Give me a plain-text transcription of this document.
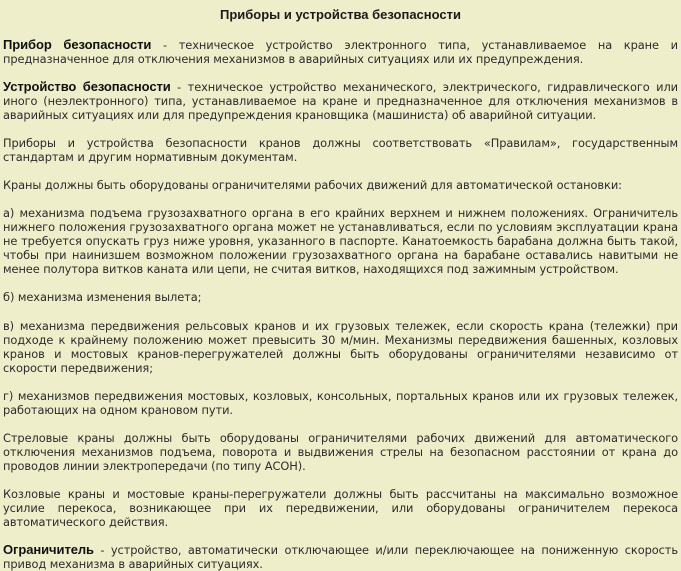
Приборы и устройства безопасности

Прибор безопасности - техническое устройство электронного типа, устанавливаемое на кране и предназначенное для отключения механизмов в аварийных ситуациях или их предупреждения.

Устройство безопасности - техническое устройство механического, электрического, гидравлического или иного (неэлектронного) типа, устанавливаемое на кране и предназначенное для отключения механизмов в аварийных ситуациях или для предупреждения крановщика (машиниста) об аварийной ситуации.

Приборы и устройства безопасности кранов должны соответствовать «Правилам», государственным стандартам и другим нормативным документам.

Краны должны быть оборудованы ограничителями рабочих движений для автоматической остановки:

а) механизма подъема грузозахватного органа в его крайних верхнем и нижнем положениях. Ограничитель нижнего положения грузозахватного органа может не устанавливаться, если по условиям эксплуатации крана не требуется опускать груз ниже уровня, указанного в паспорте. Канатоемкость барабана должна быть такой, чтобы при наинизшем возможном положении грузозахватного органа на барабане оставались навитыми не менее полутора витков каната или цепи, не считая витков, находящихся под зажимным устройством.

б) механизма изменения вылета;

в) механизма передвижения рельсовых кранов и их грузовых тележек, если скорость крана (тележки) при подходе к крайнему положению может превысить 30 м/мин. Механизмы передвижения башенных, козловых кранов и мостовых кранов-перегружателей должны быть оборудованы ограничителями независимо от скорости передвижения;

г) механизмов передвижения мостовых, козловых, консольных, портальных кранов или их грузовых тележек, работающих на одном крановом пути.

Стреловые краны должны быть оборудованы ограничителями рабочих движений для автоматического отключения механизмов подъема, поворота и выдвижения стрелы на безопасном расстоянии от крана до проводов линии электропередачи (по типу АСОН).

Козловые краны и мостовые краны-перегружатели должны быть рассчитаны на максимально возможное усилие перекоса, возникающее при их передвижении, или оборудованы ограничителем перекоса автоматического действия.

Ограничитель - устройство, автоматически отключающее и/или переключающее на пониженную скорость привод механизма в аварийных ситуациях.
